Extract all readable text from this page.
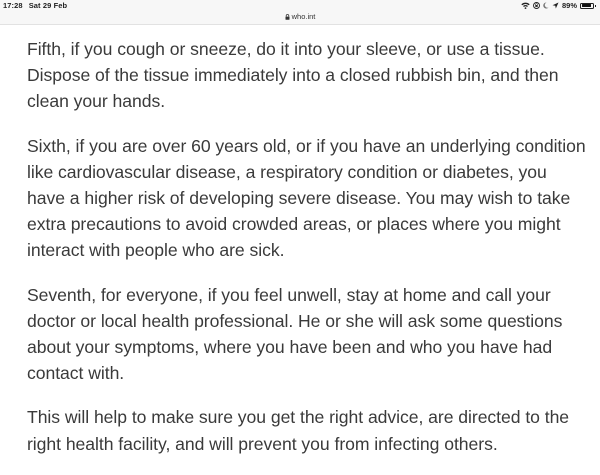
17:28 Sat 29 Feb	89%
who.int

Fifth, if you cough or sneeze, do it into your sleeve, or use a tissue. Dispose of the tissue immediately into a closed rubbish bin, and then clean your hands.

Sixth, if you are over 60 years old, or if you have an underlying condition like cardiovascular disease, a respiratory condition or diabetes, you have a higher risk of developing severe disease. You may wish to take extra precautions to avoid crowded areas, or places where you might interact with people who are sick.

Seventh, for everyone, if you feel unwell, stay at home and call your doctor or local health professional. He or she will ask some questions about your symptoms, where you have been and who you have had contact with.

This will help to make sure you get the right advice, are directed to the right health facility, and will prevent you from infecting others.
